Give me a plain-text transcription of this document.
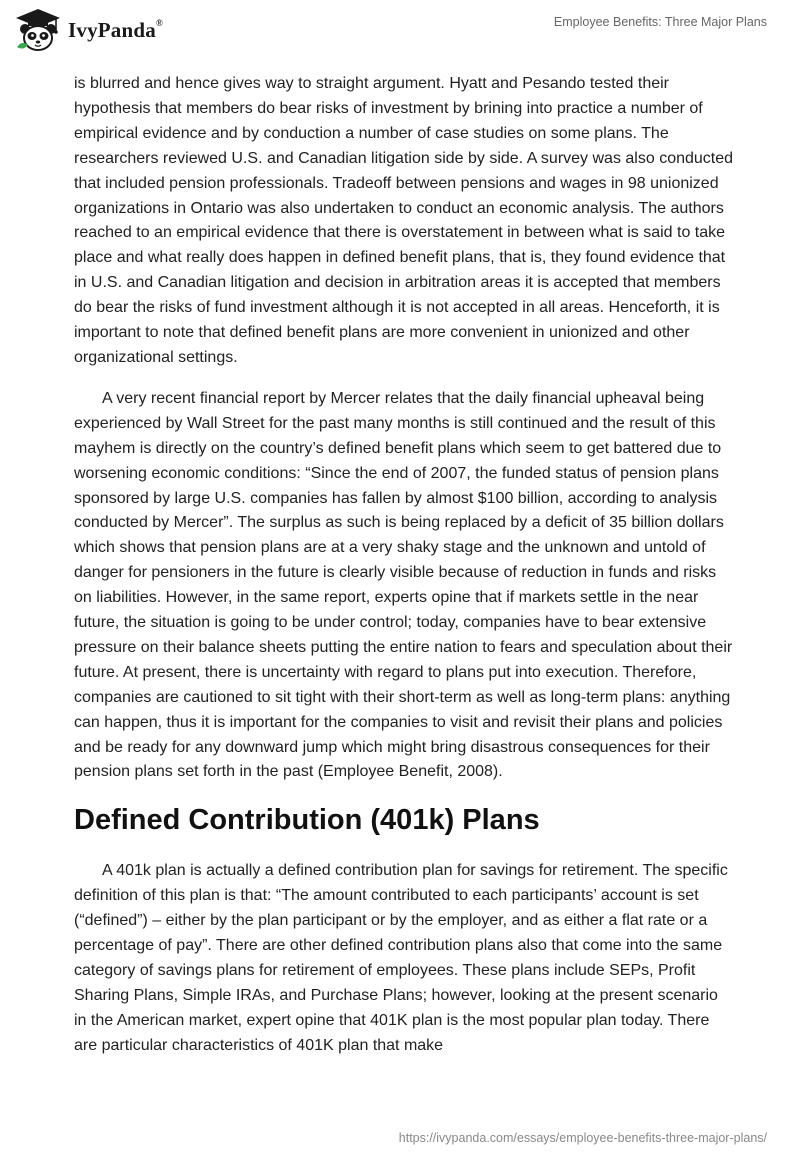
IvyPanda®	Employee Benefits: Three Major Plans

is blurred and hence gives way to straight argument. Hyatt and Pesando tested their hypothesis that members do bear risks of investment by brining into practice a number of empirical evidence and by conduction a number of case studies on some plans. The researchers reviewed U.S. and Canadian litigation side by side. A survey was also conducted that included pension professionals. Tradeoff between pensions and wages in 98 unionized organizations in Ontario was also undertaken to conduct an economic analysis. The authors reached to an empirical evidence that there is overstatement in between what is said to take place and what really does happen in defined benefit plans, that is, they found evidence that in U.S. and Canadian litigation and decision in arbitration areas it is accepted that members do bear the risks of fund investment although it is not accepted in all areas. Henceforth, it is important to note that defined benefit plans are more convenient in unionized and other organizational settings.

A very recent financial report by Mercer relates that the daily financial upheaval being experienced by Wall Street for the past many months is still continued and the result of this mayhem is directly on the country’s defined benefit plans which seem to get battered due to worsening economic conditions: “Since the end of 2007, the funded status of pension plans sponsored by large U.S. companies has fallen by almost $100 billion, according to analysis conducted by Mercer”. The surplus as such is being replaced by a deficit of 35 billion dollars which shows that pension plans are at a very shaky stage and the unknown and untold of danger for pensioners in the future is clearly visible because of reduction in funds and risks on liabilities. However, in the same report, experts opine that if markets settle in the near future, the situation is going to be under control; today, companies have to bear extensive pressure on their balance sheets putting the entire nation to fears and speculation about their future. At present, there is uncertainty with regard to plans put into execution. Therefore, companies are cautioned to sit tight with their short-term as well as long-term plans: anything can happen, thus it is important for the companies to visit and revisit their plans and policies and be ready for any downward jump which might bring disastrous consequences for their pension plans set forth in the past (Employee Benefit, 2008).

Defined Contribution (401k) Plans

A 401k plan is actually a defined contribution plan for savings for retirement. The specific definition of this plan is that: “The amount contributed to each participants’ account is set (“defined”) – either by the plan participant or by the employer, and as either a flat rate or a percentage of pay”. There are other defined contribution plans also that come into the same category of savings plans for retirement of employees. These plans include SEPs, Profit Sharing Plans, Simple IRAs, and Purchase Plans; however, looking at the present scenario in the American market, expert opine that 401K plan is the most popular plan today. There are particular characteristics of 401K plan that make

https://ivypanda.com/essays/employee-benefits-three-major-plans/
